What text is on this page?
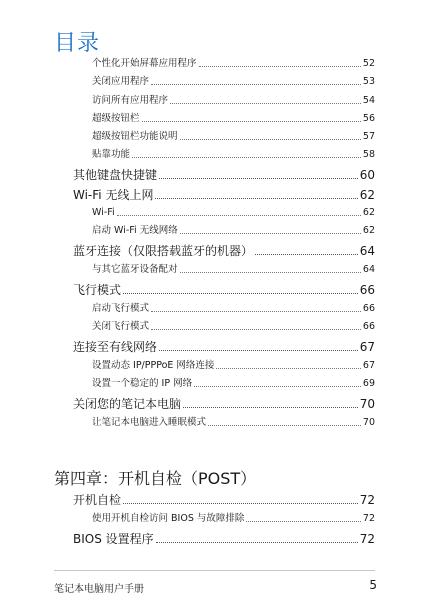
目录
个性化开始屏幕应用程序	52
关闭应用程序	53
访问所有应用程序	54
超级按钮栏	56
超级按钮栏功能说明	57
贴靠功能	58
其他键盘快捷键	60
Wi-Fi 无线上网	62
Wi-Fi	62
启动 Wi-Fi 无线网络	62
蓝牙连接（仅限搭载蓝牙的机器）	64
与其它蓝牙设备配对	64
飞行模式	66
启动飞行模式	66
关闭飞行模式	66
连接至有线网络	67
设置动态 IP/PPPoE 网络连接	67
设置一个稳定的 IP 网络	69
关闭您的笔记本电脑	70
让笔记本电脑进入睡眠模式	70
第四章：开机自检（POST）
开机自检	72
使用开机自检访问 BIOS 与故障排除	72
BIOS 设置程序	72
笔记本电脑用户手册	5
